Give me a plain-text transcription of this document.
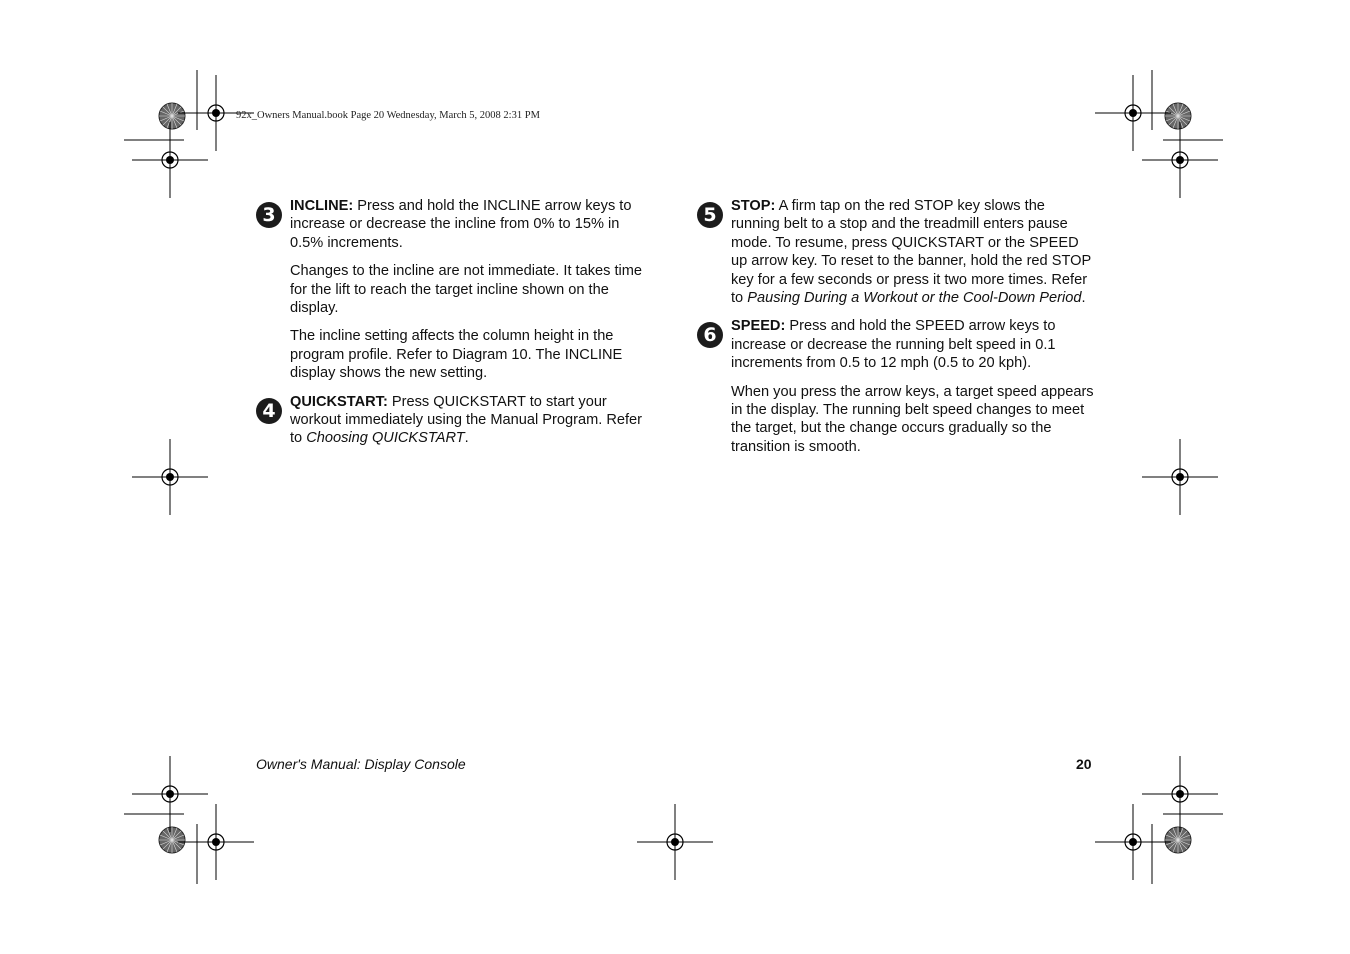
92x_Owners Manual.book Page 20 Wednesday, March 5, 2008 2:31 PM
3 INCLINE: Press and hold the INCLINE arrow keys to increase or decrease the incline from 0% to 15% in 0.5% increments.

Changes to the incline are not immediate. It takes time for the lift to reach the target incline shown on the display.

The incline setting affects the column height in the program profile. Refer to Diagram 10. The INCLINE display shows the new setting.

4 QUICKSTART: Press QUICKSTART to start your workout immediately using the Manual Program. Refer to Choosing QUICKSTART.

5 STOP: A firm tap on the red STOP key slows the running belt to a stop and the treadmill enters pause mode. To resume, press QUICKSTART or the SPEED up arrow key. To reset to the banner, hold the red STOP key for a few seconds or press it two more times. Refer to Pausing During a Workout or the Cool-Down Period.

6 SPEED: Press and hold the SPEED arrow keys to increase or decrease the running belt speed in 0.1 increments from 0.5 to 12 mph (0.5 to 20 kph).

When you press the arrow keys, a target speed appears in the display. The running belt speed changes to meet the target, but the change occurs gradually so the transition is smooth.

Owner's Manual: Display Console	20
